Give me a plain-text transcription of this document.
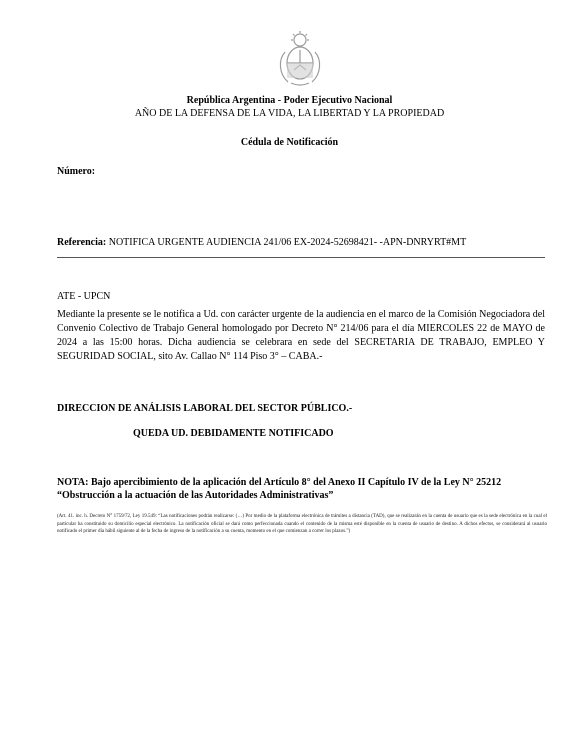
República Argentina - Poder Ejecutivo Nacional
AÑO DE LA DEFENSA DE LA VIDA, LA LIBERTAD Y LA PROPIEDAD
Cédula de Notificación
Número:
Referencia: NOTIFICA URGENTE AUDIENCIA 241/06 EX-2024-52698421- -APN-DNRYRT#MT
ATE - UPCN
Mediante la presente se le notifica a Ud. con carácter urgente de la audiencia en el marco de la Comisión Negociadora del Convenio Colectivo de Trabajo General homologado por Decreto N° 214/06 para el día MIERCOLES 22 de MAYO de 2024 a las 15:00 horas. Dicha audiencia se celebrara en sede del SECRETARIA DE TRABAJO, EMPLEO Y SEGURIDAD SOCIAL, sito Av. Callao N° 114 Piso 3° – CABA.-
DIRECCION DE ANÁLISIS LABORAL DEL SECTOR PÚBLICO.-
QUEDA UD. DEBIDAMENTE NOTIFICADO
NOTA: Bajo apercibimiento de la aplicación del Artículo 8° del Anexo II Capítulo IV de la Ley N° 25212 “Obstrucción a la actuación de las Autoridades Administrativas”
(Art. 41. inc. h. Decreto N° 1759/72, Ley 19.549: “Las notificaciones podrán realizarse: (…) Por medio de la plataforma electrónica de trámites a distancia (TAD), que se realizarán en la cuenta de usuario que es la sede electrónica en la cual el particular ha constituido su domicilio especial electrónico. La notificación oficial se dará como perfeccionada cuando el contenido de la misma esté disponible en la cuenta de usuario de destino. A dichos efectos, se considerará al usuario notificado el primer día hábil siguiente al de la fecha de ingreso de la notificación a su cuenta, momento en el que comienzan a correr los plazos.”)
